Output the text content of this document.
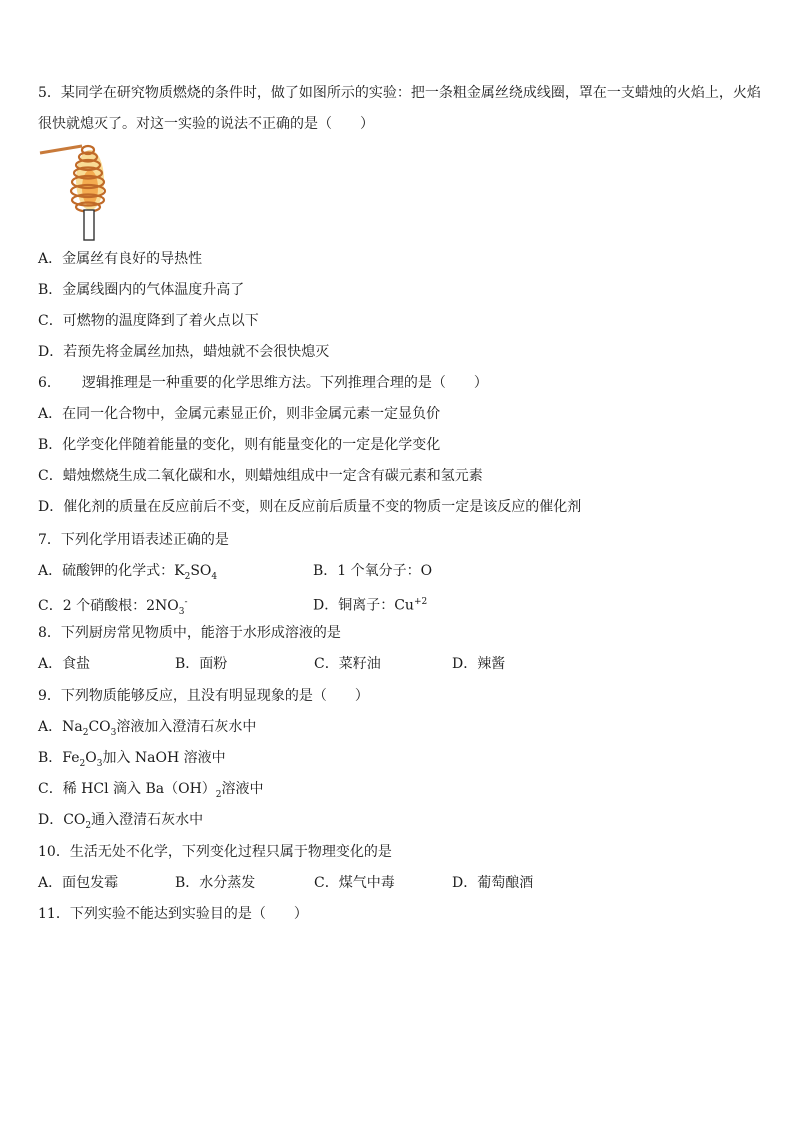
5．某同学在研究物质燃烧的条件时，做了如图所示的实验：把一条粗金属丝绕成线圈，罩在一支蜡烛的火焰上，火焰
很快就熄灭了。对这一实验的说法不正确的是（　　）
A．金属丝有良好的导热性
B．金属线圈内的气体温度升高了
C．可燃物的温度降到了着火点以下
D．若预先将金属丝加热，蜡烛就不会很快熄灭
6．　　逻辑推理是一种重要的化学思维方法。下列推理合理的是（　　）
A．在同一化合物中，金属元素显正价，则非金属元素一定显负价
B．化学变化伴随着能量的变化，则有能量变化的一定是化学变化
C．蜡烛燃烧生成二氧化碳和水，则蜡烛组成中一定含有碳元素和氢元素
D．催化剂的质量在反应前后不变，则在反应前后质量不变的物质一定是该反应的催化剂
7．下列化学用语表述正确的是
A．硫酸钾的化学式：$K_2SO_4$	B．1 个氧分子：O
C．2 个硝酸根：$2NO_3^-$	D．铜离子：$Cu^{+2}$
8．下列厨房常见物质中，能溶于水形成溶液的是
A．食盐	B．面粉	C．菜籽油	D．辣酱
9．下列物质能够反应，且没有明显现象的是（　　）
A．$Na_2CO_3$溶液加入澄清石灰水中
B．$Fe_2O_3$加入 NaOH 溶液中
C．稀 HCl 滴入 $Ba(OH)_2$溶液中
D．$CO_2$通入澄清石灰水中
10．生活无处不化学，下列变化过程只属于物理变化的是
A．面包发霉	B．水分蒸发	C．煤气中毒	D．葡萄酿酒
11．下列实验不能达到实验目的是（　　）
